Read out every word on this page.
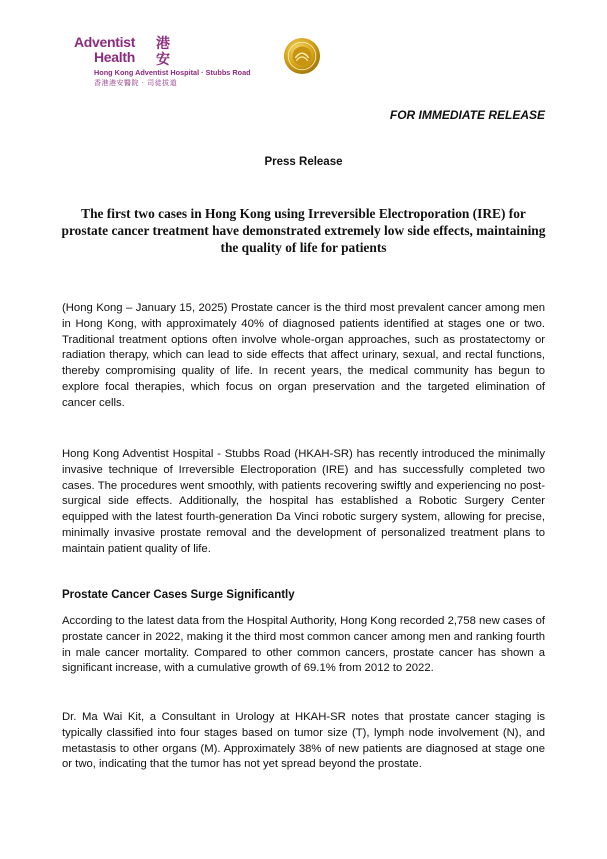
Adventist
Health
港
安
Hong Kong Adventist Hospital · Stubbs Road
香港港安醫院 · 司徒拔道
FOR IMMEDIATE RELEASE
Press Release
The first two cases in Hong Kong using Irreversible Electroporation (IRE) for prostate cancer treatment have demonstrated extremely low side effects, maintaining the quality of life for patients
(Hong Kong – January 15, 2025) Prostate cancer is the third most prevalent cancer among men in Hong Kong, with approximately 40% of diagnosed patients identified at stages one or two. Traditional treatment options often involve whole-organ approaches, such as prostatectomy or radiation therapy, which can lead to side effects that affect urinary, sexual, and rectal functions, thereby compromising quality of life. In recent years, the medical community has begun to explore focal therapies, which focus on organ preservation and the targeted elimination of cancer cells.
Hong Kong Adventist Hospital - Stubbs Road (HKAH-SR) has recently introduced the minimally invasive technique of Irreversible Electroporation (IRE) and has successfully completed two cases. The procedures went smoothly, with patients recovering swiftly and experiencing no post-surgical side effects. Additionally, the hospital has established a Robotic Surgery Center equipped with the latest fourth-generation Da Vinci robotic surgery system, allowing for precise, minimally invasive prostate removal and the development of personalized treatment plans to maintain patient quality of life.
Prostate Cancer Cases Surge Significantly
According to the latest data from the Hospital Authority, Hong Kong recorded 2,758 new cases of prostate cancer in 2022, making it the third most common cancer among men and ranking fourth in male cancer mortality. Compared to other common cancers, prostate cancer has shown a significant increase, with a cumulative growth of 69.1% from 2012 to 2022.
Dr. Ma Wai Kit, a Consultant in Urology at HKAH-SR notes that prostate cancer staging is typically classified into four stages based on tumor size (T), lymph node involvement (N), and metastasis to other organs (M). Approximately 38% of new patients are diagnosed at stage one or two, indicating that the tumor has not yet spread beyond the prostate.
